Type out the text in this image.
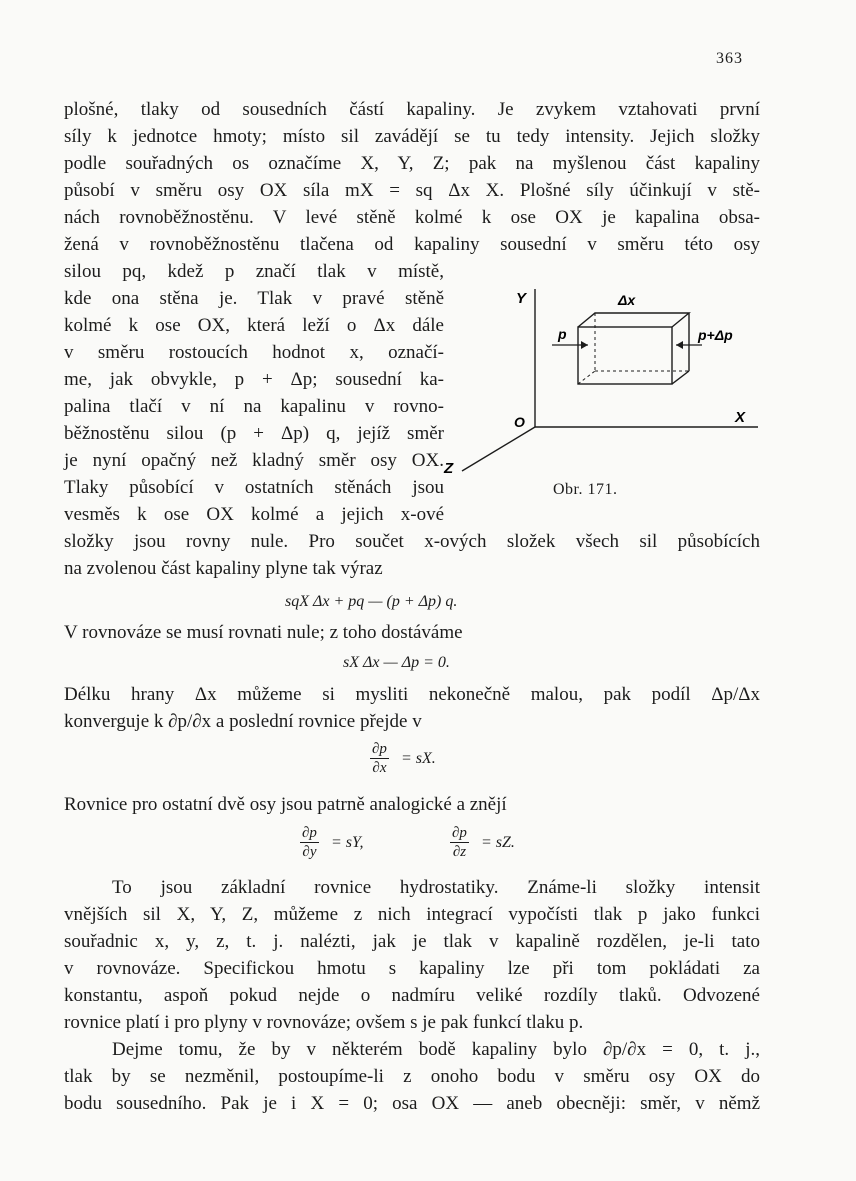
363
plošné, tlaky od sousedních částí kapaliny. Je zvykem vztahovati první
síly k jednotce hmoty; místo sil zavádějí se tu tedy intensity. Jejich složky
podle souřadných os označíme X, Y, Z; pak na myšlenou část kapaliny
působí v směru osy OX síla mX = sq Δx X. Plošné síly účinkují v stě-
nách rovnoběžnostěnu. V levé stěně kolmé k ose OX je kapalina obsa-
žená v rovnoběžnostěnu tlačena od kapaliny sousední v směru této osy
silou pq, kdež p značí tlak v místě,
kde ona stěna je. Tlak v pravé stěně
kolmé k ose OX, která leží o Δx dále
v směru rostoucích hodnot x, označí-
me, jak obvykle, p + Δp; sousední ka-
palina tlačí v ní na kapalinu v rovno-
běžnostěnu silou (p + Δp) q, jejíž směr
je nyní opačný než kladný směr osy OX.
Tlaky působící v ostatních stěnách jsou
vesměs k ose OX kolmé a jejich x-ové
složky jsou rovny nule. Pro součet x-ových složek všech sil působících
na zvolenou část kapaliny plyne tak výraz
sqX Δx + pq — (p + Δp) q.
V rovnováze se musí rovnati nule; z toho dostáváme
sX Δx — Δp = 0.
Délku hrany Δx můžeme si mysliti nekonečně malou, pak podíl Δp/Δx
konverguje k ∂p/∂x a poslední rovnice přejde v
$\frac{\partial p}{\partial x}$ = sX.
Rovnice pro ostatní dvě osy jsou patrně analogické a znějí
$\frac{\partial p}{\partial y}$ = sY,	$\frac{\partial p}{\partial z}$ = sZ.
To jsou základní rovnice hydrostatiky. Známe-li složky intensit
vnějších sil X, Y, Z, můžeme z nich integrací vypočísti tlak p jako funkci
souřadnic x, y, z, t. j. nalézti, jak je tlak v kapalině rozdělen, je-li tato
v rovnováze. Specifickou hmotu s kapaliny lze při tom pokládati za
konstantu, aspoň pokud nejde o nadmíru veliké rozdíly tlaků. Odvozené
rovnice platí i pro plyny v rovnováze; ovšem s je pak funkcí tlaku p.
Dejme tomu, že by v některém bodě kapaliny bylo ∂p/∂x = 0, t. j.,
tlak by se nezměnil, postoupíme-li z onoho bodu v směru osy OX do
bodu sousedního. Pak je i X = 0; osa OX — aneb obecněji: směr, v němž
Y
O	X
Z
p	p+Δp
Δx
Obr. 171.
